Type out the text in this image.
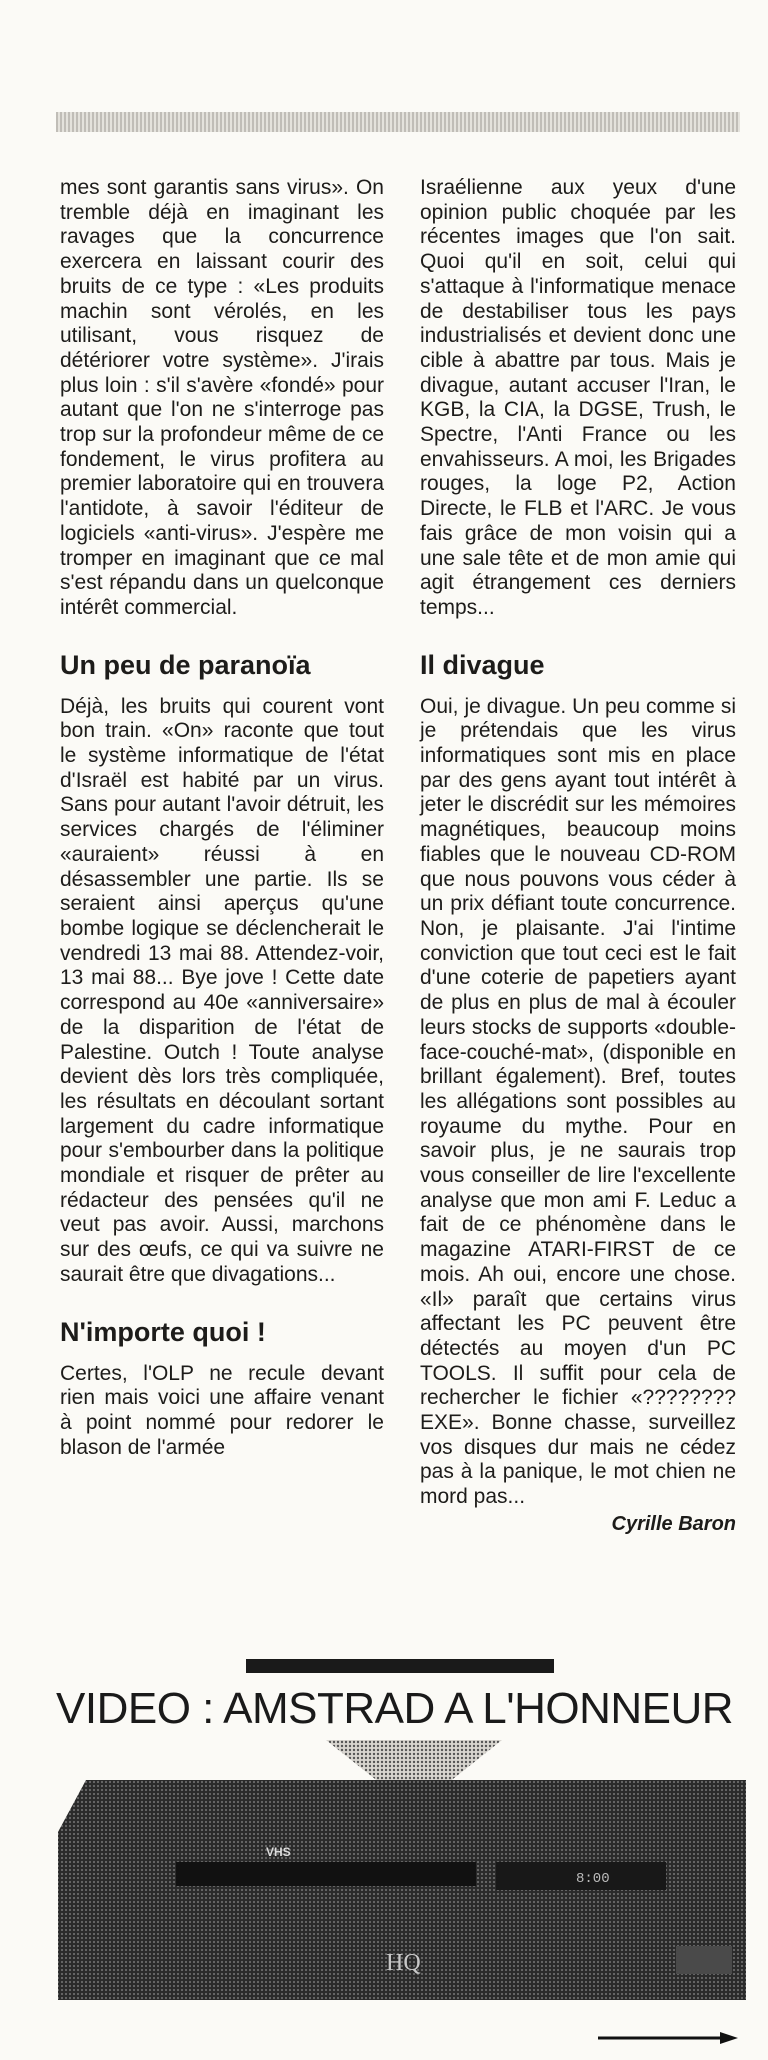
mes sont garantis sans virus». On tremble déjà en imaginant les ravages que la concurrence exercera en laissant courir des bruits de ce type : «Les produits machin sont vérolés, en les utilisant, vous risquez de détériorer votre système». J'irais plus loin : s'il s'avère «fondé» pour autant que l'on ne s'interroge pas trop sur la profondeur même de ce fondement, le virus profitera au premier laboratoire qui en trouvera l'antidote, à savoir l'éditeur de logiciels «anti-virus». J'espère me tromper en imaginant que ce mal s'est répandu dans un quelconque intérêt commercial.

Un peu de paranoïa

Déjà, les bruits qui courent vont bon train. «On» raconte que tout le système informatique de l'état d'Israël est habité par un virus. Sans pour autant l'avoir détruit, les services chargés de l'éliminer «auraient» réussi à en désassembler une partie. Ils se seraient ainsi aperçus qu'une bombe logique se déclencherait le vendredi 13 mai 88. Attendez-voir, 13 mai 88... Bye jove ! Cette date correspond au 40e «anniversaire» de la disparition de l'état de Palestine. Outch ! Toute analyse devient dès lors très compliquée, les résultats en découlant sortant largement du cadre informatique pour s'embourber dans la politique mondiale et risquer de prêter au rédacteur des pensées qu'il ne veut pas avoir. Aussi, marchons sur des œufs, ce qui va suivre ne saurait être que divagations...

N'importe quoi !

Certes, l'OLP ne recule devant rien mais voici une affaire venant à point nommé pour redorer le blason de l'armée

Israélienne aux yeux d'une opinion public choquée par les récentes images que l'on sait. Quoi qu'il en soit, celui qui s'attaque à l'informatique menace de destabiliser tous les pays industrialisés et devient donc une cible à abattre par tous. Mais je divague, autant accuser l'Iran, le KGB, la CIA, la DGSE, Trush, le Spectre, l'Anti France ou les envahisseurs. A moi, les Brigades rouges, la loge P2, Action Directe, le FLB et l'ARC. Je vous fais grâce de mon voisin qui a une sale tête et de mon amie qui agit étrangement ces derniers temps...

Il divague

Oui, je divague. Un peu comme si je prétendais que les virus informatiques sont mis en place par des gens ayant tout intérêt à jeter le discrédit sur les mémoires magnétiques, beaucoup moins fiables que le nouveau CD-ROM que nous pouvons vous céder à un prix défiant toute concurrence. Non, je plaisante. J'ai l'intime conviction que tout ceci est le fait d'une coterie de papetiers ayant de plus en plus de mal à écouler leurs stocks de supports «double-face-couché-mat», (disponible en brillant également). Bref, toutes les allégations sont possibles au royaume du mythe. Pour en savoir plus, je ne saurais trop vous conseiller de lire l'excellente analyse que mon ami F. Leduc a fait de ce phénomène dans le magazine ATARI-FIRST de ce mois. Ah oui, encore une chose. «Il» paraît que certains virus affectant les PC peuvent être détectés au moyen d'un PC TOOLS. Il suffit pour cela de rechercher le fichier «????????EXE». Bonne chasse, surveillez vos disques dur mais ne cédez pas à la panique, le mot chien ne mord pas...

Cyrille Baron
VIDEO : AMSTRAD A L'HONNEUR
VHS
8:00
HQ
